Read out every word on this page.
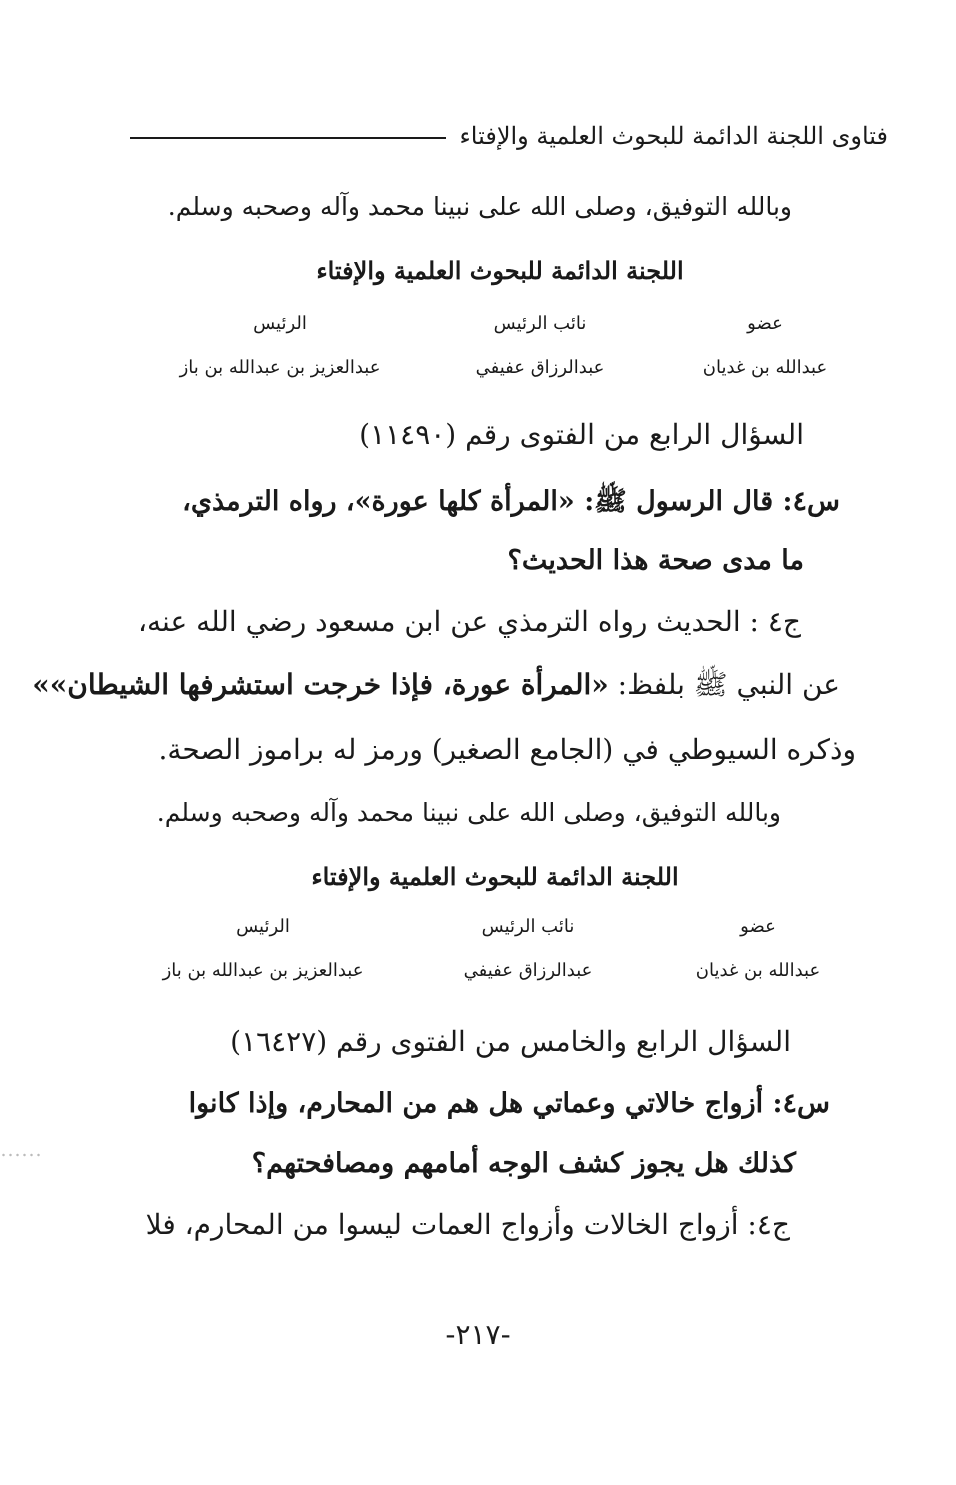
فتاوى اللجنة الدائمة للبحوث العلمية والإفتاء
وبالله التوفيق، وصلى الله على نبينا محمد وآله وصحبه وسلم.
اللجنة الدائمة للبحوث العلمية والإفتاء
عضو
عبدالله بن غديان
نائب الرئيس
عبدالرزاق عفيفي
الرئيس
عبدالعزيز بن عبدالله بن باز
السؤال الرابع من الفتوى رقم (١١٤٩٠)
س٤: قال الرسول ﷺ: «المرأة كلها عورة»، رواه الترمذي،
ما مدى صحة هذا الحديث؟
ج٤ : الحديث رواه الترمذي عن ابن مسعود رضي الله عنه،
عن النبي ﷺ بلفظ: «المرأة عورة، فإذا خرجت استشرفها الشيطان»»
وذكره السيوطي في (الجامع الصغير) ورمز له براموز الصحة.
وبالله التوفيق، وصلى الله على نبينا محمد وآله وصحبه وسلم.
اللجنة الدائمة للبحوث العلمية والإفتاء
عضو
عبدالله بن غديان
نائب الرئيس
عبدالرزاق عفيفي
الرئيس
عبدالعزيز بن عبدالله بن باز
السؤال الرابع والخامس من الفتوى رقم (١٦٤٢٧)
س٤: أزواج خالاتي وعماتي هل هم من المحارم، وإذا كانوا
كذلك هل يجوز كشف الوجه أمامهم ومصافحتهم؟
ج٤: أزواج الخالات وأزواج العمات ليسوا من المحارم، فلا
-٢١٧-
